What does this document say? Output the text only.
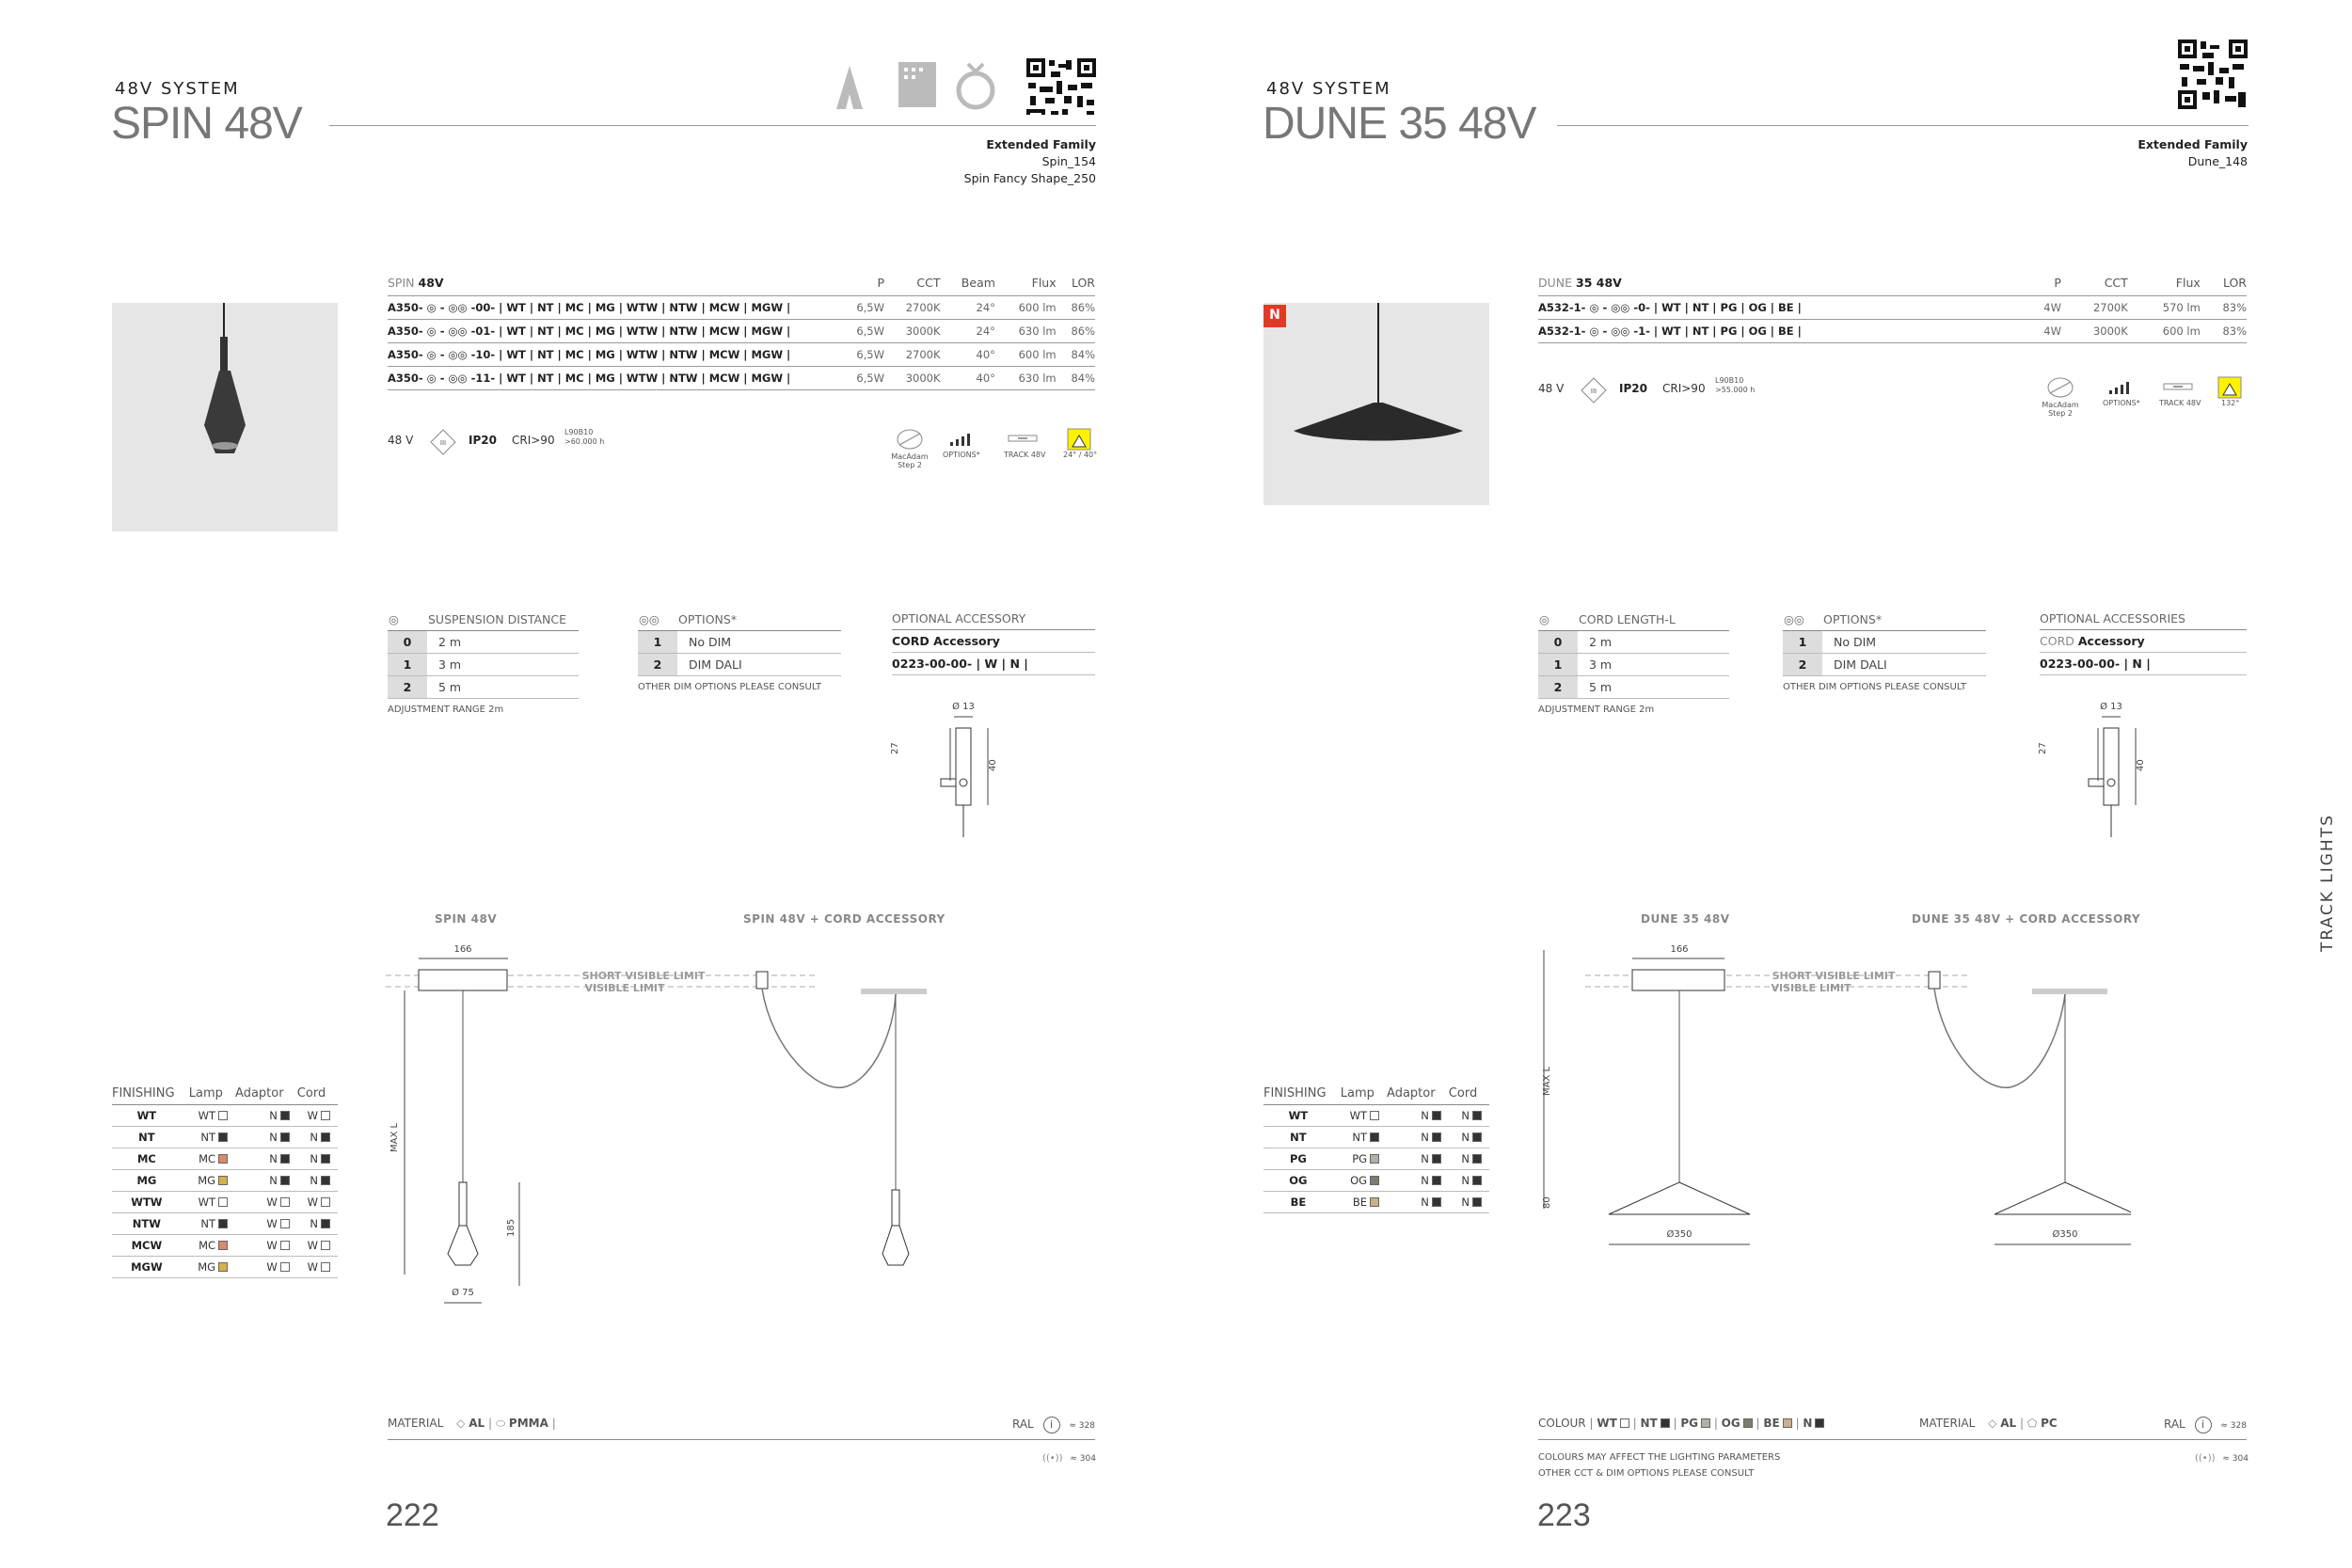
48V SYSTEM
SPIN 48V	Extended Family
Spin_154
Spin Fancy Shape_250
SPIN 48V	P	CCT	Beam	Flux	LOR
A350- ◎ - ◎◎ -00- | WT | NT | MC | MG | WTW | NTW | MCW | MGW |	6,5W	2700K	24°	600 lm	86%
A350- ◎ - ◎◎ -01- | WT | NT | MC | MG | WTW | NTW | MCW | MGW |	6,5W	3000K	24°	630 lm	86%
A350- ◎ - ◎◎ -10- | WT | NT | MC | MG | WTW | NTW | MCW | MGW |	6,5W	2700K	40°	600 lm	84%
A350- ◎ - ◎◎ -11- | WT | NT | MC | MG | WTW | NTW | MCW | MGW |	6,5W	3000K	40°	630 lm	84%
48 V	III IP20 CRI>90
L90B10
>60.000 h
MacAdam Step 2
OPTIONS*	TRACK 48V 24° / 40°
◎	SUSPENSION DISTANCE
0	2 m
1	3 m
2	5 m
ADJUSTMENT RANGE 2m
◎◎	OPTIONS*
1	No DIM
2	DIM DALI
OTHER DIM OPTIONS PLEASE CONSULT
OPTIONAL ACCESSORY
CORD Accessory
0223-00-00- | W | N |
Ø 13
27
40
SPIN 48V	SPIN 48V + CORD ACCESSORY
166
SHORT VISIBLE LIMIT
VISIBLE LIMIT
MAX L
185
Ø 75
FINISHING	Lamp	Adaptor	Cord
WT	WT	N	W
NT	NT	N	N
MC	MC	N	N
MG	MG	N	N
WTW	WT	W	W
NTW	NT	W	N
MCW	MC	W	W
MGW	MG	W	W
MATERIAL ◇ AL | ⬭ PMMA |	RAL i ≈ 328
((•)) ≈ 304
222
48V SYSTEM
DUNE 35 48V	Extended Family
Dune_148
N
DUNE 35 48V	P	CCT	Flux	LOR
A532-1- ◎ - ◎◎ -0- | WT | NT | PG | OG | BE |	4W	2700K	570 lm	83%
A532-1- ◎ - ◎◎ -1- | WT | NT | PG | OG | BE |	4W	3000K	600 lm	83%
48 V	III IP20 CRI>90
L90B10
>55.000 h
MacAdam Step 2
OPTIONS*	TRACK 48V	132°
◎	CORD LENGTH-L
0	2 m
1	3 m
2	5 m
ADJUSTMENT RANGE 2m
◎◎	OPTIONS*
1	No DIM
2	DIM DALI
OTHER DIM OPTIONS PLEASE CONSULT
OPTIONAL ACCESSORIES
CORD Accessory
0223-00-00- | N |
Ø 13
27
40
DUNE 35 48V	DUNE 35 48V + CORD ACCESSORY
166
SHORT VISIBLE LIMIT
VISIBLE LIMIT
MAX L
80
Ø350	Ø350
FINISHING	Lamp	Adaptor	Cord
WT	WT	N	N
NT	NT	N	N
PG	PG	N	N
OG	OG	N	N
BE	BE	N	N
COLOUR | WT | NT | PG | OG | BE | N	MATERIAL ◇ AL | ⬠ PC	RAL i ≈ 328
((•)) ≈ 304
COLOURS MAY AFFECT THE LIGHTING PARAMETERS
OTHER CCT & DIM OPTIONS PLEASE CONSULT
223
TRACK LIGHTS
